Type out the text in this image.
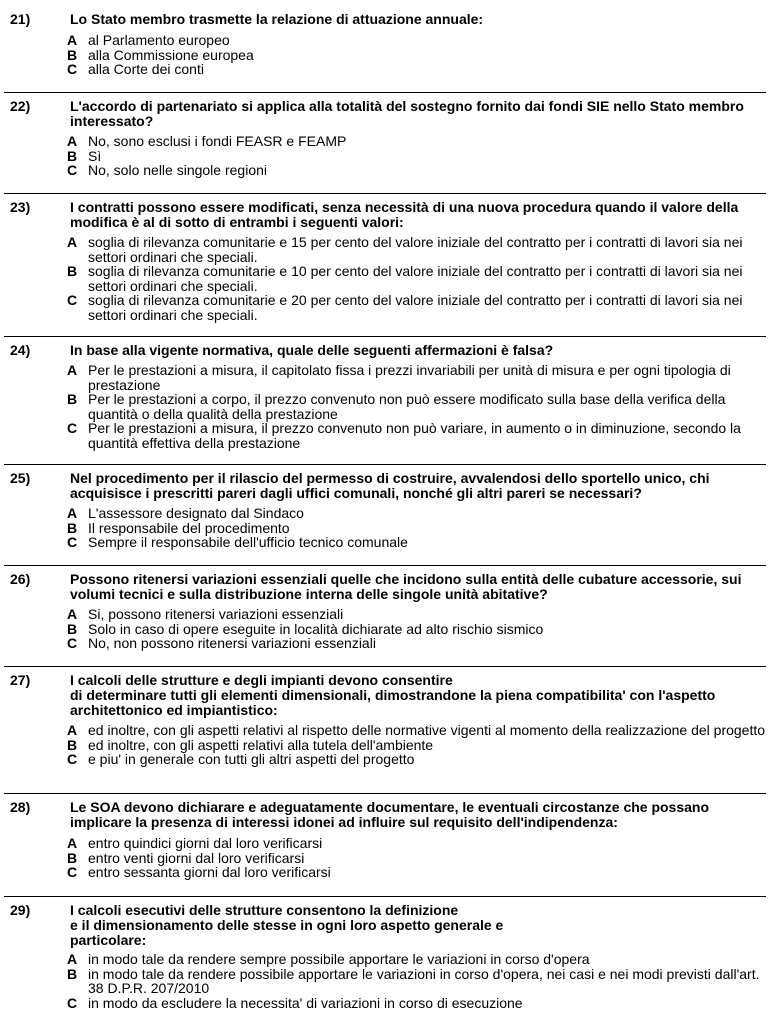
21)	Lo Stato membro trasmette la relazione di attuazione annuale:
A al Parlamento europeo
B alla Commissione europea
C alla Corte dei conti
22)	L'accordo di partenariato si applica alla totalità del sostegno fornito dai fondi SIE nello Stato membro interessato?
A No, sono esclusi i fondi FEASR e FEAMP
B Sì
C No, solo nelle singole regioni
23)	I contratti possono essere modificati, senza necessità di una nuova procedura quando il valore della modifica è al di sotto di entrambi i seguenti valori:
A soglia di rilevanza comunitarie e 15 per cento del valore iniziale del contratto per i contratti di lavori sia nei settori ordinari che speciali.
B soglia di rilevanza comunitarie e 10 per cento del valore iniziale del contratto per i contratti di lavori sia nei settori ordinari che speciali.
C soglia di rilevanza comunitarie e 20 per cento del valore iniziale del contratto per i contratti di lavori sia nei settori ordinari che speciali.
24)	In base alla vigente normativa, quale delle seguenti affermazioni è falsa?
A Per le prestazioni a misura, il capitolato fissa i prezzi invariabili per unità di misura e per ogni tipologia di prestazione
B Per le prestazioni a corpo, il prezzo convenuto non può essere modificato sulla base della verifica della quantità o della qualità della prestazione
C Per le prestazioni a misura, il prezzo convenuto non può variare, in aumento o in diminuzione, secondo la quantità effettiva della prestazione
25)	Nel procedimento per il rilascio del permesso di costruire, avvalendosi dello sportello unico, chi acquisisce i prescritti pareri dagli uffici comunali, nonché gli altri pareri se necessari?
A L'assessore designato dal Sindaco
B Il responsabile del procedimento
C Sempre il responsabile dell'ufficio tecnico comunale
26)	Possono ritenersi variazioni essenziali quelle che incidono sulla entità delle cubature accessorie, sui volumi tecnici e sulla distribuzione interna delle singole unità abitative?
A Si, possono ritenersi variazioni essenziali
B Solo in caso di opere eseguite in località dichiarate ad alto rischio sismico
C No, non possono ritenersi variazioni essenziali
27)	I calcoli delle strutture e degli impianti devono consentire
di determinare tutti gli elementi dimensionali, dimostrandone la piena compatibilita' con l'aspetto architettonico ed impiantistico:
A ed inoltre, con gli aspetti relativi al rispetto delle normative vigenti al momento della realizzazione del progetto
B ed inoltre, con gli aspetti relativi alla tutela dell'ambiente
C e piu' in generale con tutti gli altri aspetti del progetto
28)	Le SOA devono dichiarare e adeguatamente documentare, le eventuali circostanze che possano implicare la presenza di interessi idonei ad influire sul requisito dell'indipendenza:
A entro quindici giorni dal loro verificarsi
B entro venti giorni dal loro verificarsi
C entro sessanta giorni dal loro verificarsi
29)	I calcoli esecutivi delle strutture consentono la definizione
e il dimensionamento delle stesse in ogni loro aspetto generale e
particolare:
A in modo tale da rendere sempre possibile apportare le variazioni in corso d'opera
B in modo tale da rendere possibile apportare le variazioni in corso d'opera, nei casi e nei modi previsti dall'art. 38 D.P.R. 207/2010
C in modo da escludere la necessita' di variazioni in corso di esecuzione
